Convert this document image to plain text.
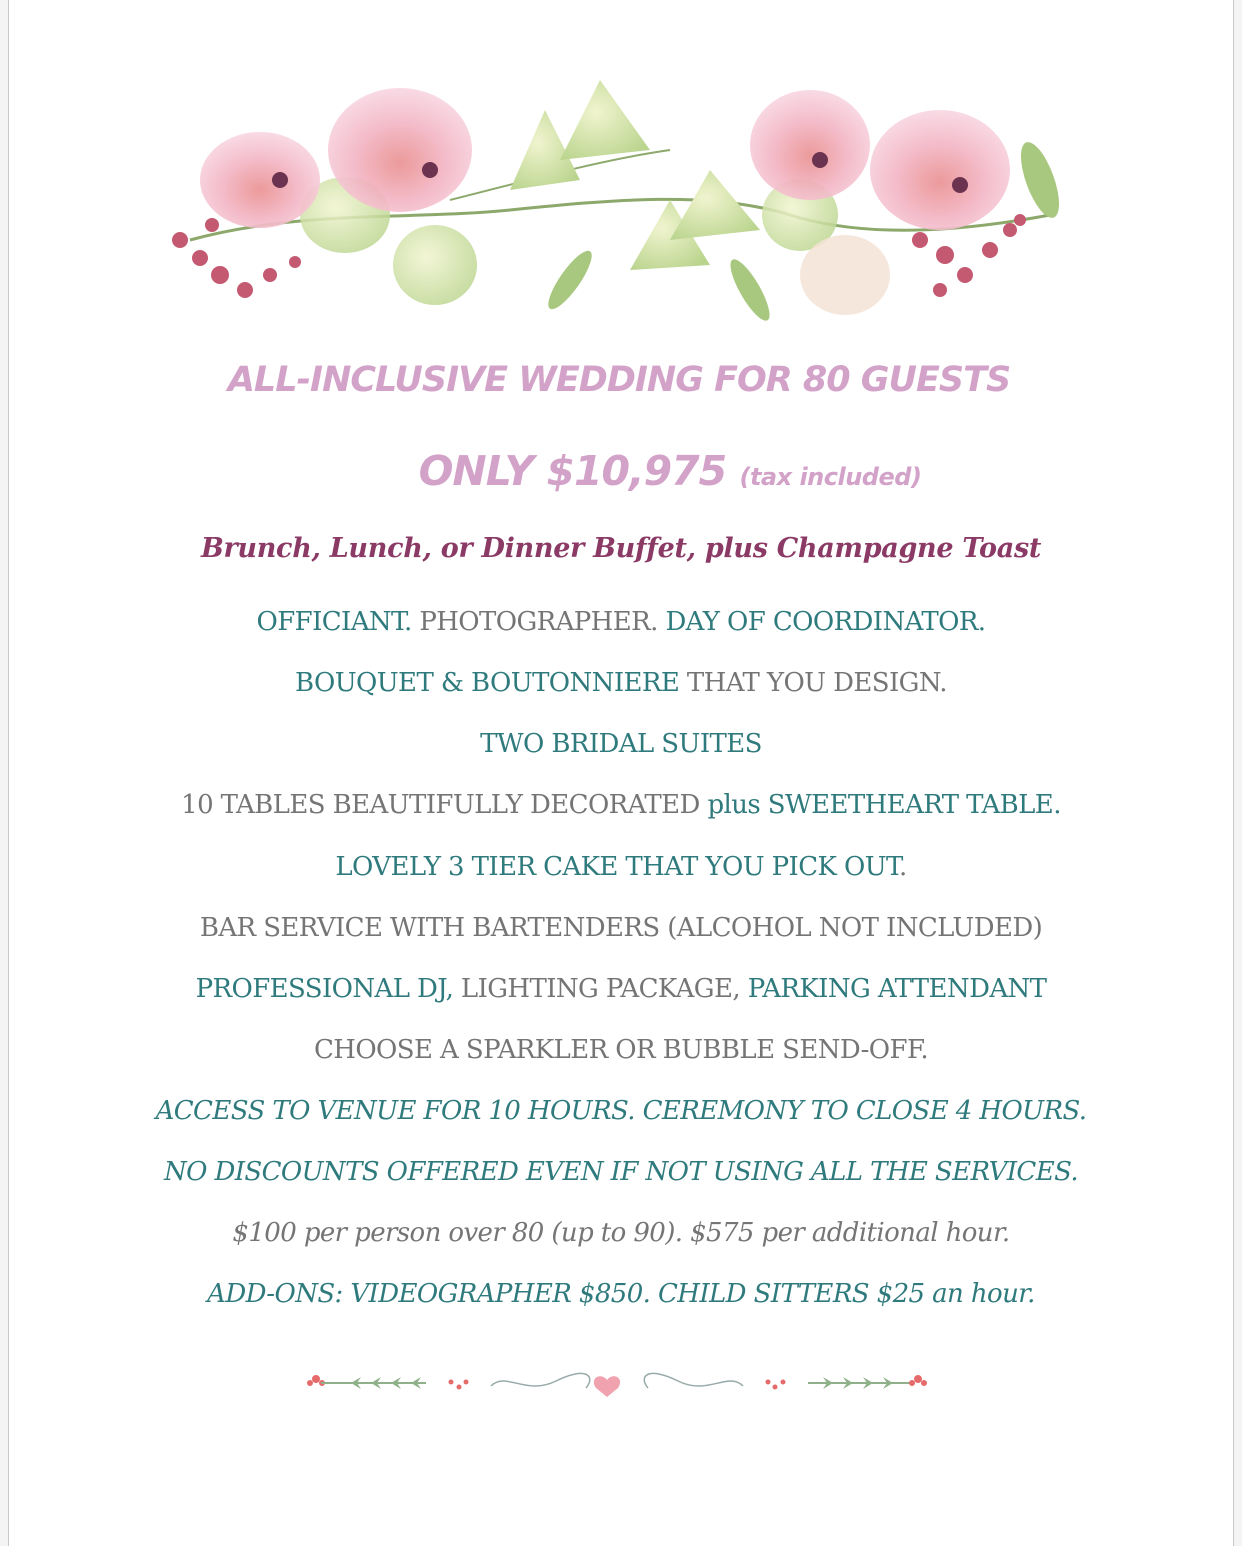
ALL-INCLUSIVE WEDDING FOR 80 GUESTS
ONLY $10,975 (tax included)
Brunch, Lunch, or Dinner Buffet, plus Champagne Toast
OFFICIANT. PHOTOGRAPHER. DAY OF COORDINATOR.
BOUQUET & BOUTONNIERE THAT YOU DESIGN.
TWO BRIDAL SUITES
10 TABLES BEAUTIFULLY DECORATED plus SWEETHEART TABLE.
LOVELY 3 TIER CAKE THAT YOU PICK OUT.
BAR SERVICE WITH BARTENDERS (ALCOHOL NOT INCLUDED)
PROFESSIONAL DJ, LIGHTING PACKAGE, PARKING ATTENDANT
CHOOSE A SPARKLER OR BUBBLE SEND-OFF.
ACCESS TO VENUE FOR 10 HOURS. CEREMONY TO CLOSE 4 HOURS.
NO DISCOUNTS OFFERED EVEN IF NOT USING ALL THE SERVICES.
$100 per person over 80 (up to 90). $575 per additional hour.
ADD-ONS: VIDEOGRAPHER $850. CHILD SITTERS $25 an hour.
